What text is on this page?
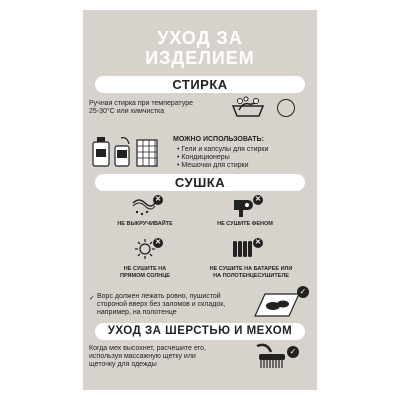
УХОД ЗА
ИЗДЕЛИЕМ
СТИРКА
Ручная стирка при температуре
25-30°С или химчистка
МОЖНО ИСПОЛЬЗОВАТЬ:
• Гели и капсулы для стирки
• Кондиционеры
• Мешочки для стирки
СУШКА
✕
НЕ ВЫКРУЧИВАЙТЕ
✕
НЕ СУШИТЕ ФЕНОМ
✕
НЕ СУШИТЕ НА
ПРЯМОМ СОЛНЦЕ
✕
НЕ СУШИТЕ НА БАТАРЕЕ ИЛИ
НА ПОЛОТЕНЦЕСУШИТЕЛЕ
✓ Ворс должен лежать ровно, пушистой
стороной вверх без заломов и складок,
например, на полотенце
✓
УХОД ЗА ШЕРСТЬЮ И МЕХОМ
Когда мех высохнет, расчешите его,
используя массажную щетку или
щеточку для одежды
✓
